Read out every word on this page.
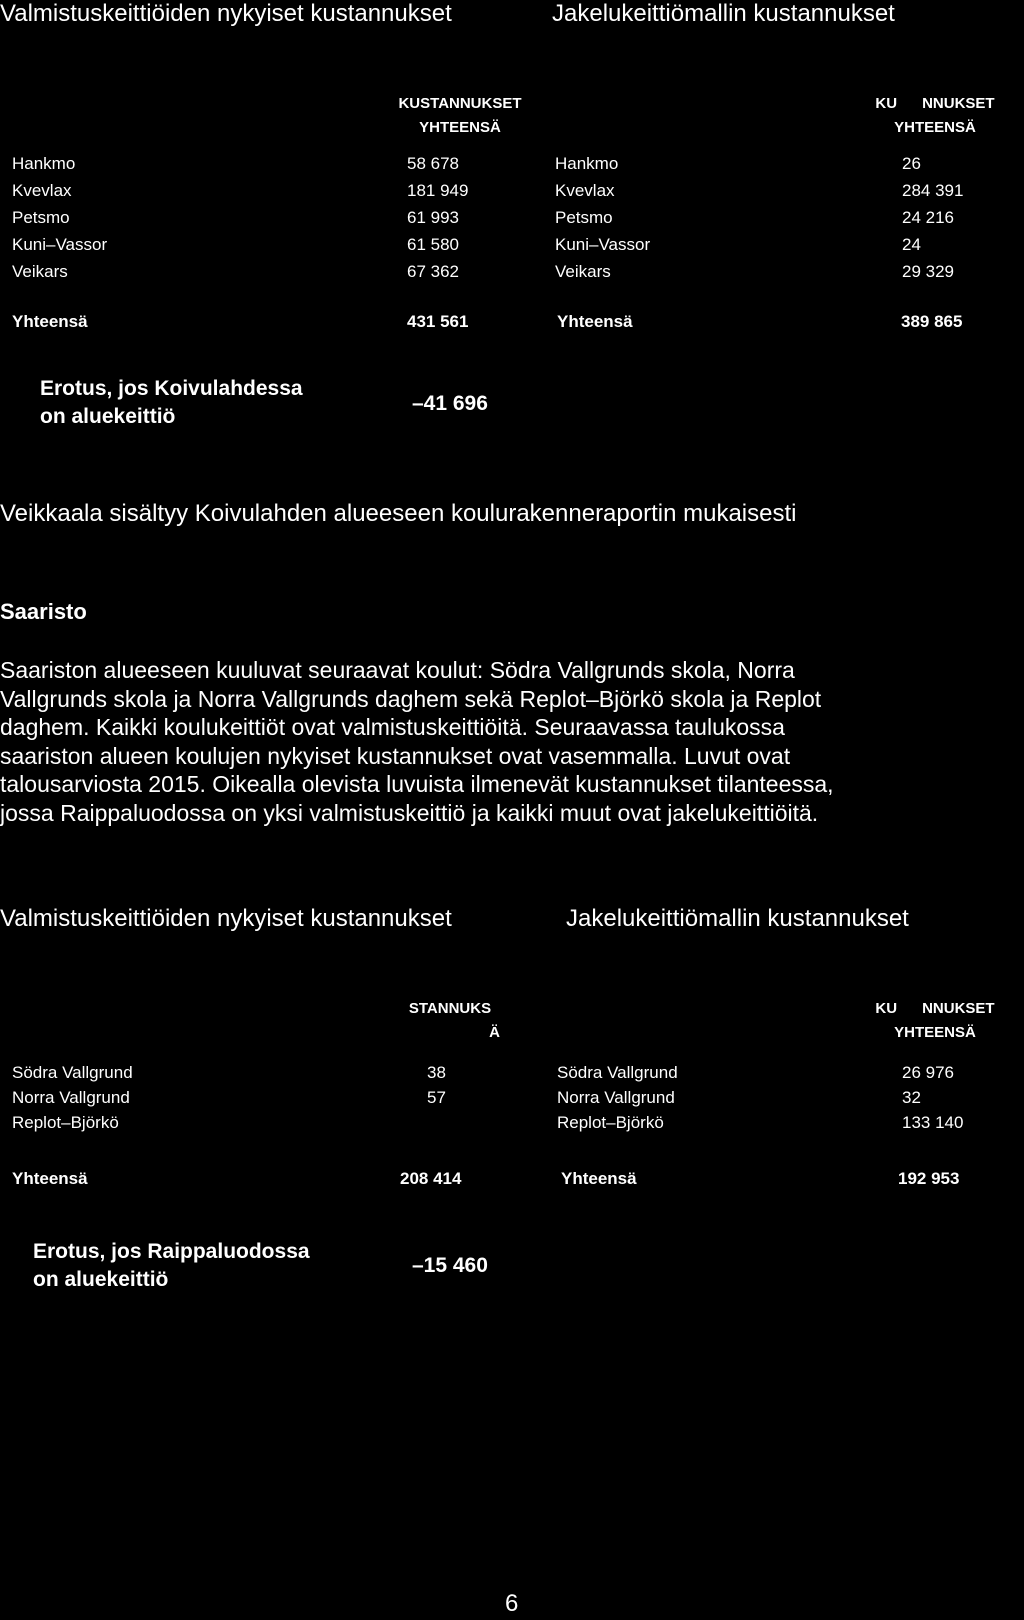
Valmistuskeittiöiden nykyiset kustannukset	Jakelukeittiömallin kustannukset
KUSTANNUKSET
YHTEENSÄ
KU      NNUKSET
YHTEENSÄ
Hankmo	58 678
Kvevlax	181 949
Petsmo	61 993
Kuni–Vassor	61 580
Veikars	67 362
Hankmo	26
Kvevlax	284 391
Petsmo	24 216
Kuni–Vassor	24
Veikars	29 329
Yhteensä	431 561	Yhteensä	389 865
Erotus, jos Koivulahdessa
on aluekeittiö
–41 696
Veikkaala sisältyy Koivulahden alueeseen koulurakenneraportin mukaisesti
Saaristo
Saariston alueeseen kuuluvat seuraavat koulut: Södra Vallgrunds skola, Norra
Vallgrunds skola ja Norra Vallgrunds daghem sekä Replot–Björkö skola ja Replot
daghem. Kaikki koulukeittiöt ovat valmistuskeittiöitä. Seuraavassa taulukossa
saariston alueen koulujen nykyiset kustannukset ovat vasemmalla. Luvut ovat
talousarviosta 2015. Oikealla olevista luvuista ilmenevät kustannukset tilanteessa,
jossa Raippaluodossa on yksi valmistuskeittiö ja kaikki muut ovat jakelukeittiöitä.
Valmistuskeittiöiden nykyiset kustannukset	Jakelukeittiömallin kustannukset
STANNUKS
Ä
KU      NNUKSET
YHTEENSÄ
Södra Vallgrund	38
Norra Vallgrund	57
Replot–Björkö
Södra Vallgrund	26 976
Norra Vallgrund	32
Replot–Björkö	133 140
Yhteensä	208 414	Yhteensä	192 953
Erotus, jos Raippaluodossa
on aluekeittiö
–15 460
6
